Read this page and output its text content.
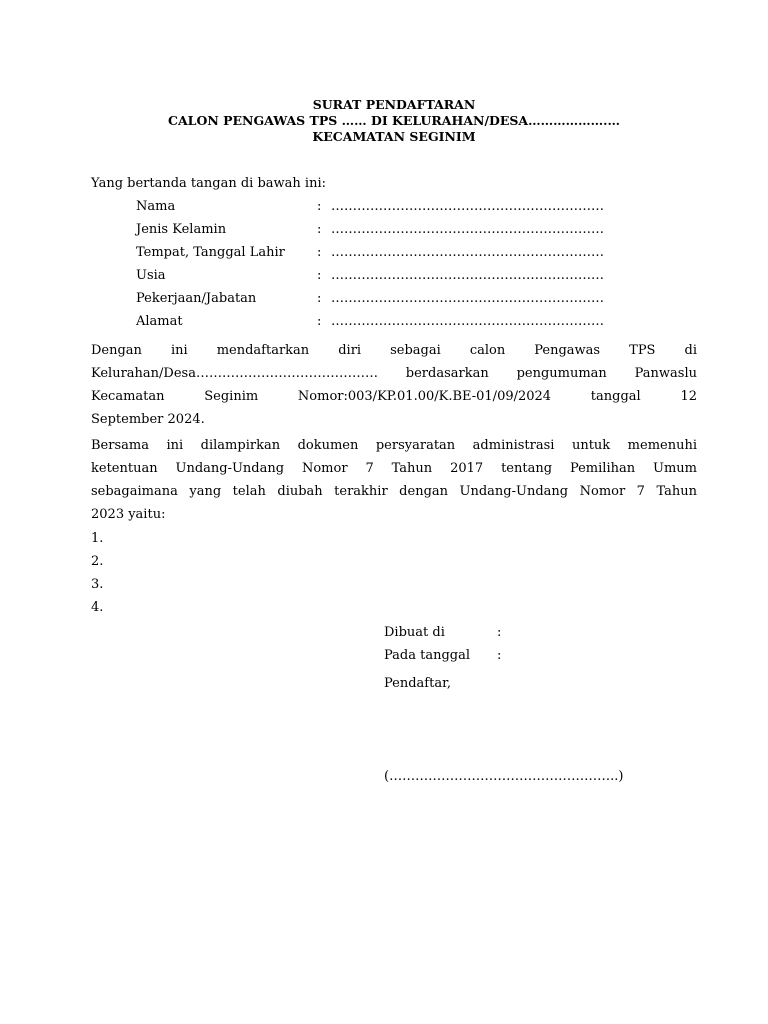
SURAT PENDAFTARAN
CALON PENGAWAS TPS …… DI KELURAHAN/DESA……………….…
KECAMATAN SEGINIM
Yang bertanda tangan di bawah ini:
Nama	: ………………………………………………………
Jenis Kelamin	: ………………………………………………………
Tempat, Tanggal Lahir	: ………………………………………………………
Usia	: ………………………………………………………
Pekerjaan/Jabatan	: ………………………………………………………
Alamat	: ………………………………………………………
Dengan ini mendaftarkan diri sebagai calon Pengawas TPS di
Kelurahan/Desa…………………………………… berdasarkan pengumuman Panwaslu
Kecamatan Seginim Nomor:003/KP.01.00/K.BE-01/09/2024 tanggal 12
September 2024.
Bersama ini dilampirkan dokumen persyaratan administrasi untuk memenuhi
ketentuan Undang-Undang Nomor 7 Tahun 2017 tentang Pemilihan Umum
sebagaimana yang telah diubah terakhir dengan Undang-Undang Nomor 7 Tahun
2023 yaitu:
1.
2.
3.
4.
Dibuat di	:
Pada tanggal	:
Pendaftar,
(……………………………………………..)
